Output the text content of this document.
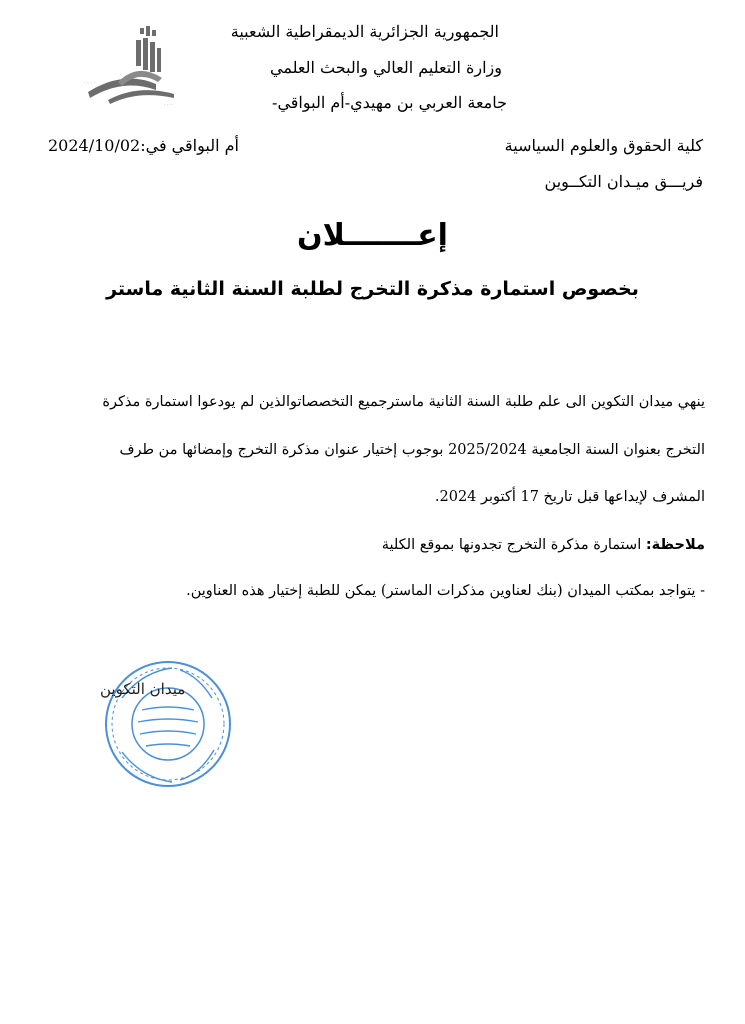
· · · ·
· · ·
الجمهورية الجزائرية الديمقراطية الشعبية
وزارة التعليم العالي والبحث العلمي
جامعة العربي بن مهيدي-أم البواقي-
كلية الحقوق والعلوم السياسية
أم البواقي في:2024/10/02
فريـــق ميـدان التكــوين
إعـــــــلان
بخصوص استمارة مذكرة التخرج لطلبة السنة الثانية ماستر
ينهي ميدان التكوين الى علم طلبة السنة الثانية ماسترجميع التخصصاتوالذين لم يودعوا استمارة مذكرة
التخرج بعنوان السنة الجامعية 2025/2024 بوجوب إختيار عنوان مذكرة التخرج وإمضائها من طرف
المشرف لإيداعها قبل تاريخ 17 أكتوبر 2024.
ملاحظة: استمارة مذكرة التخرج تجدونها بموقع الكلية
- يتواجد بمكتب الميدان (بنك لعناوين مذكرات الماستر) يمكن للطبة إختيار هذه العناوين.
ميدان التكوين
